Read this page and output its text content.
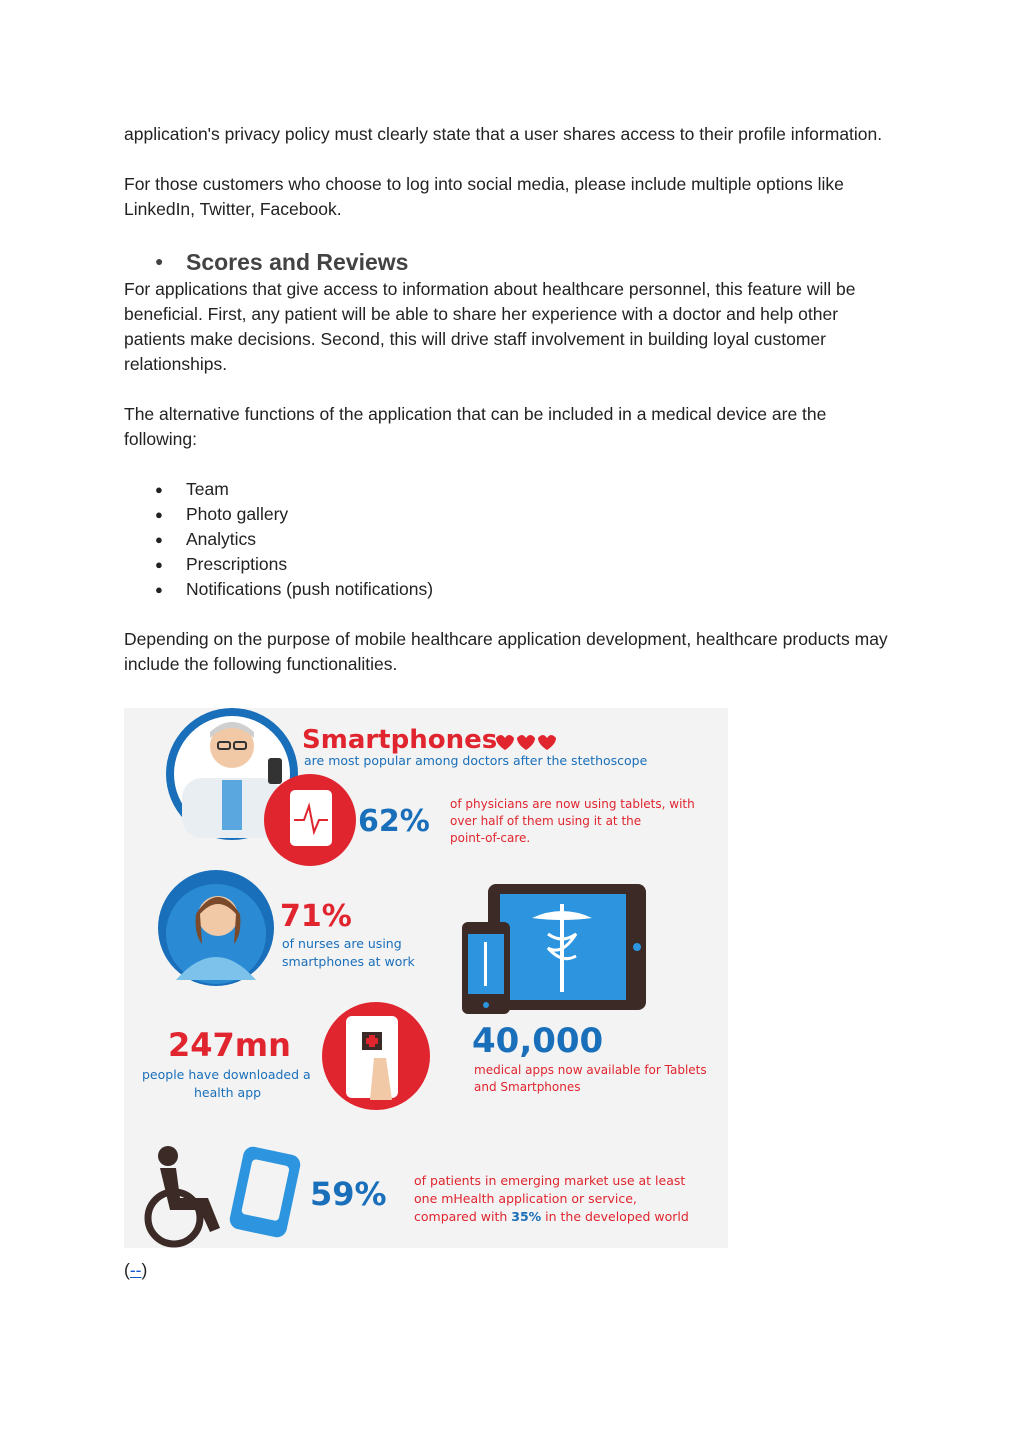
application's privacy policy must clearly state that a user shares access to their profile information.

For those customers who choose to log into social media, please include multiple options like LinkedIn, Twitter, Facebook.

● Scores and Reviews

For applications that give access to information about healthcare personnel, this feature will be beneficial. First, any patient will be able to share her experience with a doctor and help other patients make decisions. Second, this will drive staff involvement in building loyal customer relationships.

The alternative functions of the application that can be included in a medical device are the following:

● Team
● Photo gallery
● Analytics
● Prescriptions
● Notifications (push notifications)

Depending on the purpose of mobile healthcare application development, healthcare products may include the following functionalities.

Smartphones
are most popular among doctors after the stethoscope
62% of physicians are now using tablets, with
over half of them using it at the
point-of-care.
71%
of nurses are using
smartphones at work
247mn
people have downloaded a
health app
40,000
medical apps now available for Tablets
and Smartphones
59% of patients in emerging market use at least
one mHealth application or service,
compared with 35% in the developed world
(--)
